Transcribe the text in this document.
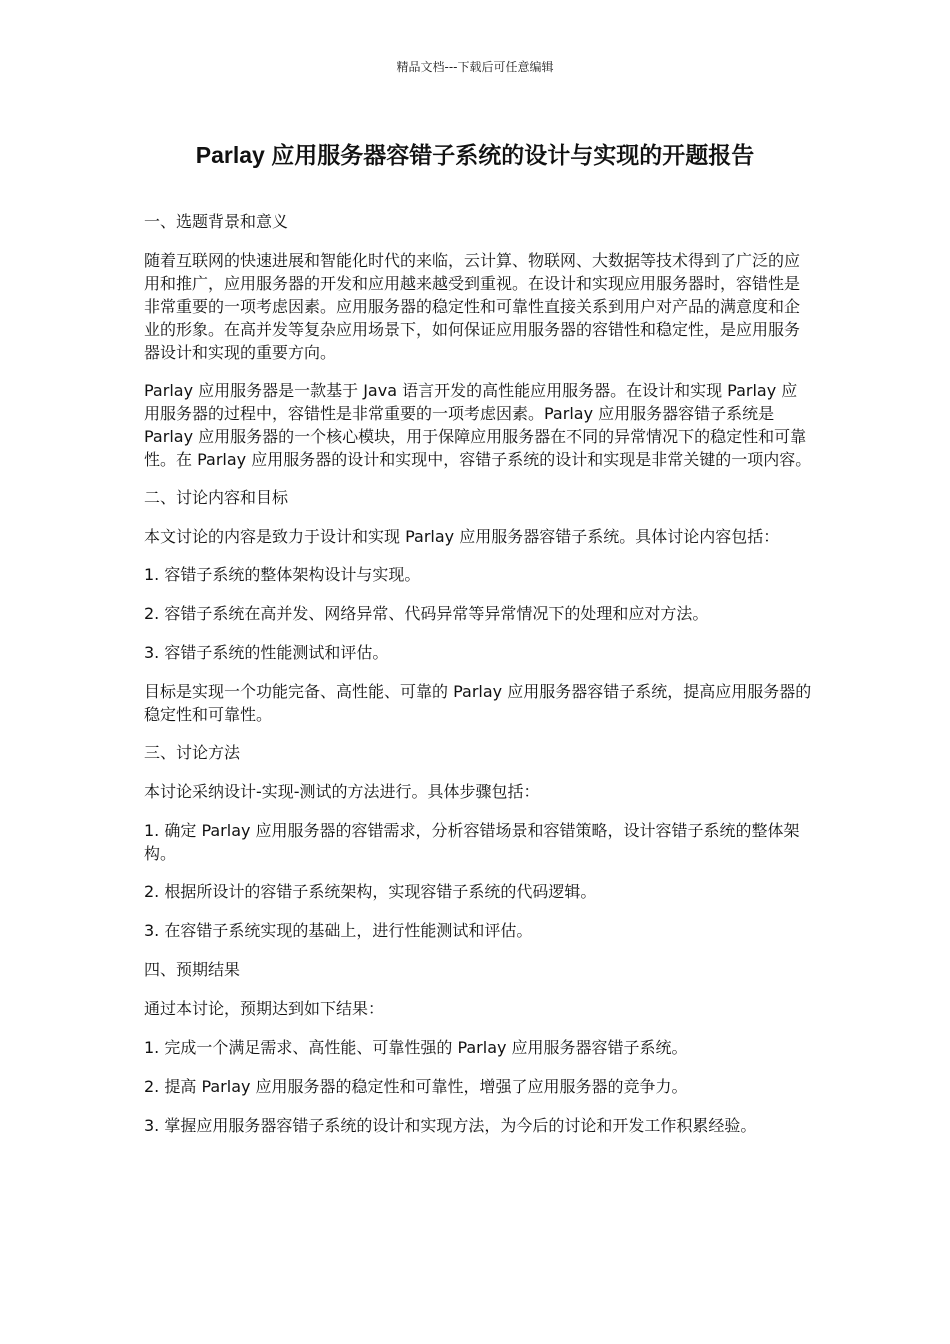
精品文档---下载后可任意编辑
Parlay 应用服务器容错子系统的设计与实现的开题报告

一、选题背景和意义

随着互联网的快速进展和智能化时代的来临，云计算、物联网、大数据等技术得到了广泛的应用和推广，应用服务器的开发和应用越来越受到重视。在设计和实现应用服务器时，容错性是非常重要的一项考虑因素。应用服务器的稳定性和可靠性直接关系到用户对产品的满意度和企业的形象。在高并发等复杂应用场景下，如何保证应用服务器的容错性和稳定性，是应用服务器设计和实现的重要方向。

Parlay 应用服务器是一款基于 Java 语言开发的高性能应用服务器。在设计和实现 Parlay 应用服务器的过程中，容错性是非常重要的一项考虑因素。Parlay 应用服务器容错子系统是 Parlay 应用服务器的一个核心模块，用于保障应用服务器在不同的异常情况下的稳定性和可靠性。在 Parlay 应用服务器的设计和实现中，容错子系统的设计和实现是非常关键的一项内容。

二、讨论内容和目标

本文讨论的内容是致力于设计和实现 Parlay 应用服务器容错子系统。具体讨论内容包括：

1. 容错子系统的整体架构设计与实现。

2. 容错子系统在高并发、网络异常、代码异常等异常情况下的处理和应对方法。

3. 容错子系统的性能测试和评估。

目标是实现一个功能完备、高性能、可靠的 Parlay 应用服务器容错子系统，提高应用服务器的稳定性和可靠性。

三、讨论方法

本讨论采纳设计-实现-测试的方法进行。具体步骤包括：

1. 确定 Parlay 应用服务器的容错需求，分析容错场景和容错策略，设计容错子系统的整体架构。

2. 根据所设计的容错子系统架构，实现容错子系统的代码逻辑。

3. 在容错子系统实现的基础上，进行性能测试和评估。

四、预期结果

通过本讨论，预期达到如下结果：

1. 完成一个满足需求、高性能、可靠性强的 Parlay 应用服务器容错子系统。

2. 提高 Parlay 应用服务器的稳定性和可靠性，增强了应用服务器的竞争力。

3. 掌握应用服务器容错子系统的设计和实现方法，为今后的讨论和开发工作积累经验。
